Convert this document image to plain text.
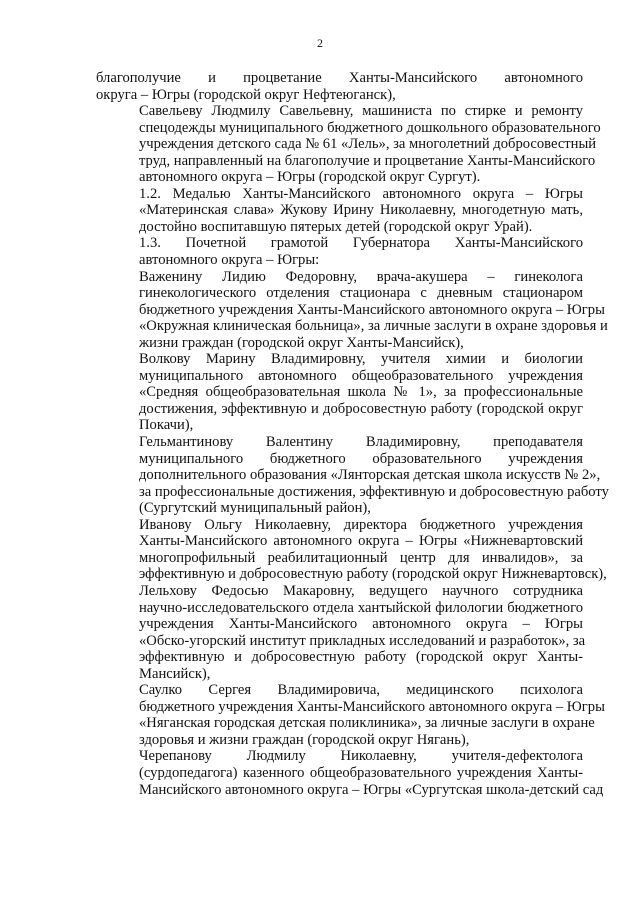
2

благополучие и процветание Ханты-Мансийского автономного
округа – Югры (городской округ Нефтеюганск),

Савельеву Людмилу Савельевну, машиниста по стирке и ремонту
спецодежды муниципального бюджетного дошкольного образовательного
учреждения детского сада № 61 «Лель», за многолетний добросовестный
труд, направленный на благополучие и процветание Ханты-Мансийского
автономного округа – Югры (городской округ Сургут).

1.2. Медалью Ханты-Мансийского автономного округа – Югры
«Материнская слава» Жукову Ирину Николаевну, многодетную мать,
достойно воспитавшую пятерых детей (городской округ Урай).

1.3. Почетной грамотой Губернатора Ханты-Мансийского
автономного округа – Югры:

Важенину Лидию Федоровну, врача-акушера – гинеколога
гинекологического отделения стационара с дневным стационаром
бюджетного учреждения Ханты-Мансийского автономного округа – Югры
«Окружная клиническая больница», за личные заслуги в охране здоровья и
жизни граждан (городской округ Ханты-Мансийск),

Волкову Марину Владимировну, учителя химии и биологии
муниципального автономного общеобразовательного учреждения
«Средняя общеобразовательная школа № 1», за профессиональные
достижения, эффективную и добросовестную работу (городской округ
Покачи),

Гельмантинову Валентину Владимировну, преподавателя
муниципального бюджетного образовательного учреждения
дополнительного образования «Лянторская детская школа искусств № 2»,
за профессиональные достижения, эффективную и добросовестную работу
(Сургутский муниципальный район),

Иванову Ольгу Николаевну, директора бюджетного учреждения
Ханты-Мансийского автономного округа – Югры «Нижневартовский
многопрофильный реабилитационный центр для инвалидов», за
эффективную и добросовестную работу (городской округ Нижневартовск),

Лельхову Федосью Макаровну, ведущего научного сотрудника
научно-исследовательского отдела хантыйской филологии бюджетного
учреждения Ханты-Мансийского автономного округа – Югры
«Обско-угорский институт прикладных исследований и разработок», за
эффективную и добросовестную работу (городской округ Ханты-
Мансийск),

Саулко Сергея Владимировича, медицинского психолога
бюджетного учреждения Ханты-Мансийского автономного округа – Югры
«Няганская городская детская поликлиника», за личные заслуги в охране
здоровья и жизни граждан (городской округ Нягань),

Черепанову Людмилу Николаевну, учителя-дефектолога
(сурдопедагога) казенного общеобразовательного учреждения Ханты-
Мансийского автономного округа – Югры «Сургутская школа-детский сад
